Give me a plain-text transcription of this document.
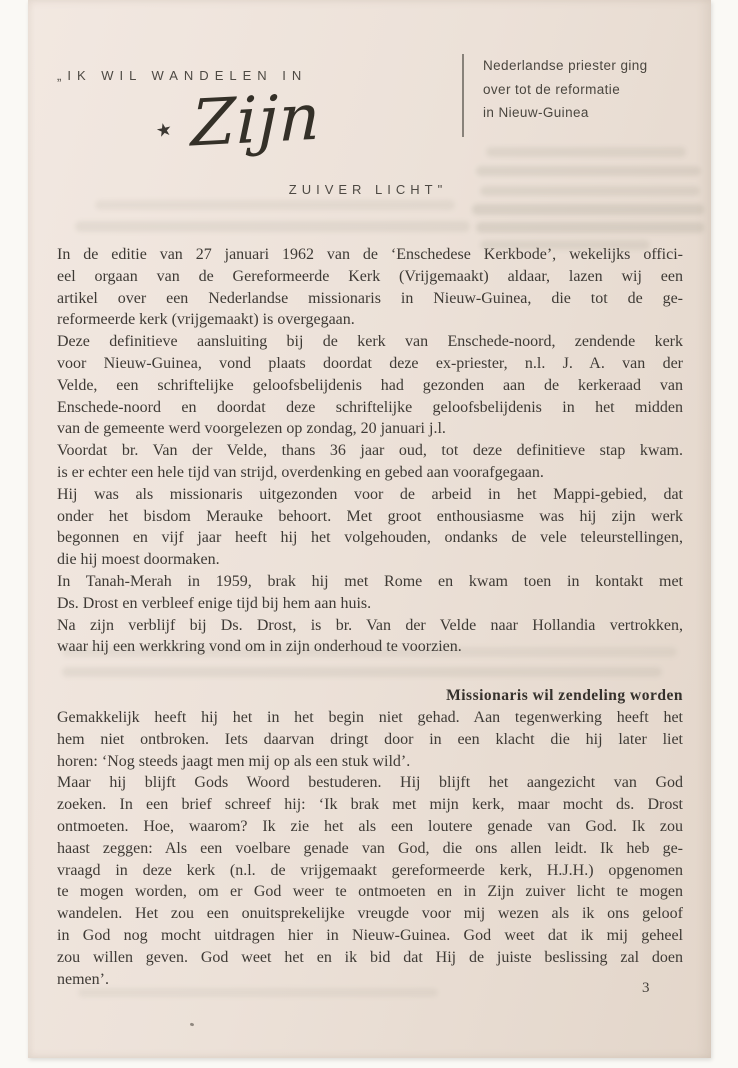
„IK WIL WANDELEN IN
★ Zijn
ZUIVER LICHT"
Nederlandse priester ging
over tot de reformatie
in Nieuw-Guinea
In de editie van 27 januari 1962 van de ‘Enschedese Kerkbode’, wekelijks offici-
eel orgaan van de Gereformeerde Kerk (Vrijgemaakt) aldaar, lazen wij een
artikel over een Nederlandse missionaris in Nieuw-Guinea, die tot de ge-
reformeerde kerk (vrijgemaakt) is overgegaan.
Deze definitieve aansluiting bij de kerk van Enschede-noord, zendende kerk
voor Nieuw-Guinea, vond plaats doordat deze ex-priester, n.l. J. A. van der
Velde, een schriftelijke geloofsbelijdenis had gezonden aan de kerkeraad van
Enschede-noord en doordat deze schriftelijke geloofsbelijdenis in het midden
van de gemeente werd voorgelezen op zondag, 20 januari j.l.
Voordat br. Van der Velde, thans 36 jaar oud, tot deze definitieve stap kwam.
is er echter een hele tijd van strijd, overdenking en gebed aan voorafgegaan.
Hij was als missionaris uitgezonden voor de arbeid in het Mappi-gebied, dat
onder het bisdom Merauke behoort. Met groot enthousiasme was hij zijn werk
begonnen en vijf jaar heeft hij het volgehouden, ondanks de vele teleurstellingen,
die hij moest doormaken.
In Tanah-Merah in 1959, brak hij met Rome en kwam toen in kontakt met
Ds. Drost en verbleef enige tijd bij hem aan huis.
Na zijn verblijf bij Ds. Drost, is br. Van der Velde naar Hollandia vertrokken,
waar hij een werkkring vond om in zijn onderhoud te voorzien.
Missionaris wil zendeling worden
Gemakkelijk heeft hij het in het begin niet gehad. Aan tegenwerking heeft het
hem niet ontbroken. Iets daarvan dringt door in een klacht die hij later liet
horen: ‘Nog steeds jaagt men mij op als een stuk wild’.
Maar hij blijft Gods Woord bestuderen. Hij blijft het aangezicht van God
zoeken. In een brief schreef hij: ‘Ik brak met mijn kerk, maar mocht ds. Drost
ontmoeten. Hoe, waarom? Ik zie het als een loutere genade van God. Ik zou
haast zeggen: Als een voelbare genade van God, die ons allen leidt. Ik heb ge-
vraagd in deze kerk (n.l. de vrijgemaakt gereformeerde kerk, H.J.H.) opgenomen
te mogen worden, om er God weer te ontmoeten en in Zijn zuiver licht te mogen
wandelen. Het zou een onuitsprekelijke vreugde voor mij wezen als ik ons geloof
in God nog mocht uitdragen hier in Nieuw-Guinea. God weet dat ik mij geheel
zou willen geven. God weet het en ik bid dat Hij de juiste beslissing zal doen
nemen’.
3
